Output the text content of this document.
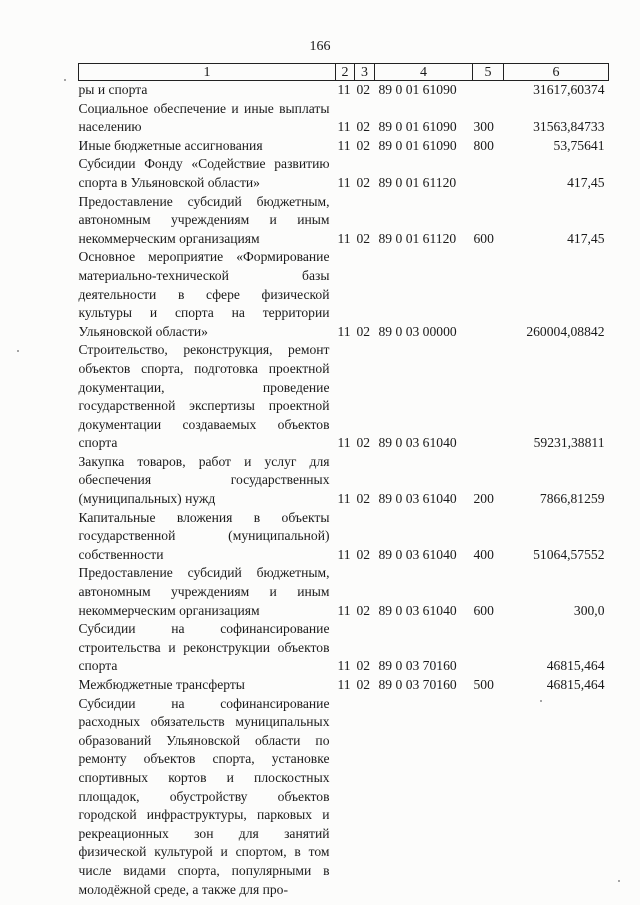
166
1	2	3	4	5	6
ры и спорта	11	02	89 0 01 61090		31617,60374
Социальное обеспечение и иные выплаты населению	11	02	89 0 01 61090	300	31563,84733
Иные бюджетные ассигнования	11	02	89 0 01 61090	800	53,75641
Субсидии Фонду «Содействие развитию спорта в Ульяновской области»	11	02	89 0 01 61120		417,45
Предоставление субсидий бюджетным, автономным учреждениям и иным некоммерческим организациям	11	02	89 0 01 61120	600	417,45
Основное мероприятие «Формирование материально-технической базы деятельности в сфере физической культуры и спорта на территории Ульяновской области»	11	02	89 0 03 00000		260004,08842
Строительство, реконструкция, ремонт объектов спорта, подготовка проектной документации, проведение государственной экспертизы проектной документации создаваемых объектов спорта	11	02	89 0 03 61040		59231,38811
Закупка товаров, работ и услуг для обеспечения государственных (муниципальных) нужд	11	02	89 0 03 61040	200	7866,81259
Капитальные вложения в объекты государственной (муниципальной) собственности	11	02	89 0 03 61040	400	51064,57552
Предоставление субсидий бюджетным, автономным учреждениям и иным некоммерческим организациям	11	02	89 0 03 61040	600	300,0
Субсидии на софинансирование строительства и реконструкции объектов спорта	11	02	89 0 03 70160		46815,464
Межбюджетные трансферты	11	02	89 0 03 70160	500	46815,464
Субсидии на софинансирование расходных обязательств муниципальных образований Ульяновской области по ремонту объектов спорта, установке спортивных кортов и плоскостных площадок, обустройству объектов городской инфраструктуры, парковых и рекреационных зон для занятий физической культурой и спортом, в том числе видами спорта, популярными в молодёжной среде, а также для про-					
